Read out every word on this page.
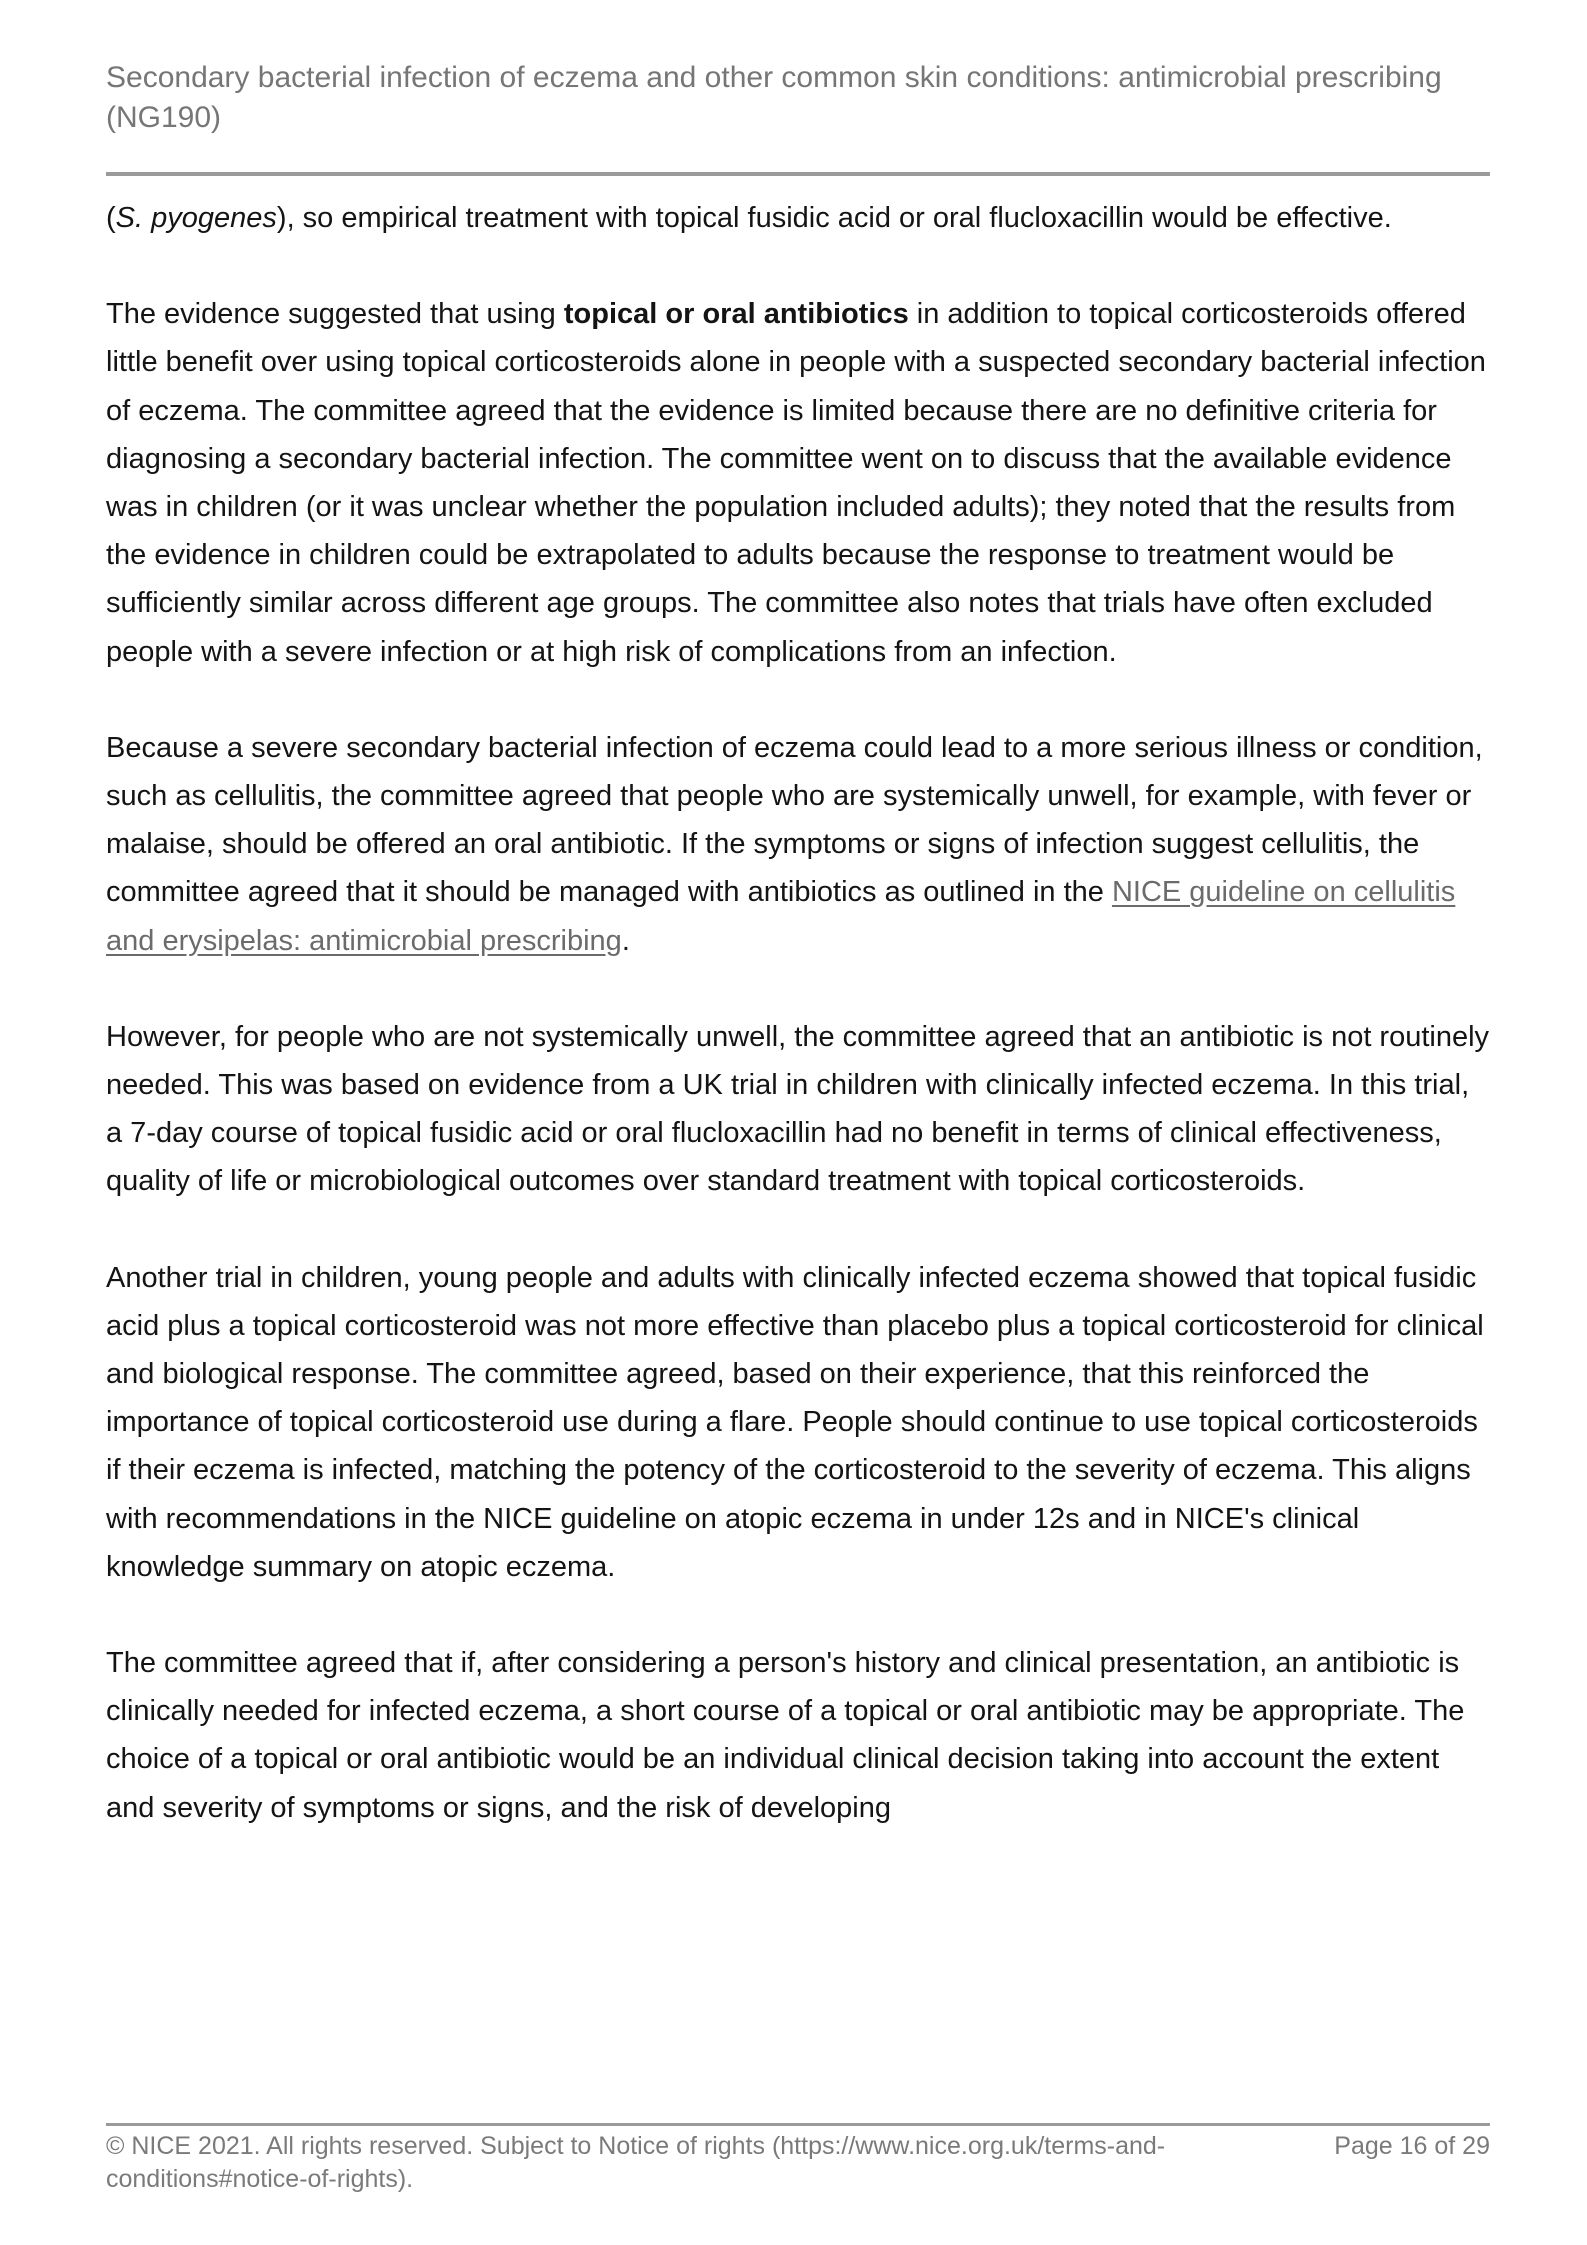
Secondary bacterial infection of eczema and other common skin conditions: antimicrobial prescribing (NG190)

(S. pyogenes), so empirical treatment with topical fusidic acid or oral flucloxacillin would be effective.

The evidence suggested that using topical or oral antibiotics in addition to topical corticosteroids offered little benefit over using topical corticosteroids alone in people with a suspected secondary bacterial infection of eczema. The committee agreed that the evidence is limited because there are no definitive criteria for diagnosing a secondary bacterial infection. The committee went on to discuss that the available evidence was in children (or it was unclear whether the population included adults); they noted that the results from the evidence in children could be extrapolated to adults because the response to treatment would be sufficiently similar across different age groups. The committee also notes that trials have often excluded people with a severe infection or at high risk of complications from an infection.

Because a severe secondary bacterial infection of eczema could lead to a more serious illness or condition, such as cellulitis, the committee agreed that people who are systemically unwell, for example, with fever or malaise, should be offered an oral antibiotic. If the symptoms or signs of infection suggest cellulitis, the committee agreed that it should be managed with antibiotics as outlined in the NICE guideline on cellulitis and erysipelas: antimicrobial prescribing.

However, for people who are not systemically unwell, the committee agreed that an antibiotic is not routinely needed. This was based on evidence from a UK trial in children with clinically infected eczema. In this trial, a 7-day course of topical fusidic acid or oral flucloxacillin had no benefit in terms of clinical effectiveness, quality of life or microbiological outcomes over standard treatment with topical corticosteroids.

Another trial in children, young people and adults with clinically infected eczema showed that topical fusidic acid plus a topical corticosteroid was not more effective than placebo plus a topical corticosteroid for clinical and biological response. The committee agreed, based on their experience, that this reinforced the importance of topical corticosteroid use during a flare. People should continue to use topical corticosteroids if their eczema is infected, matching the potency of the corticosteroid to the severity of eczema. This aligns with recommendations in the NICE guideline on atopic eczema in under 12s and in NICE's clinical knowledge summary on atopic eczema.

The committee agreed that if, after considering a person's history and clinical presentation, an antibiotic is clinically needed for infected eczema, a short course of a topical or oral antibiotic may be appropriate. The choice of a topical or oral antibiotic would be an individual clinical decision taking into account the extent and severity of symptoms or signs, and the risk of developing

© NICE 2021. All rights reserved. Subject to Notice of rights (https://www.nice.org.uk/terms-and-conditions#notice-of-rights).
Page 16 of 29
